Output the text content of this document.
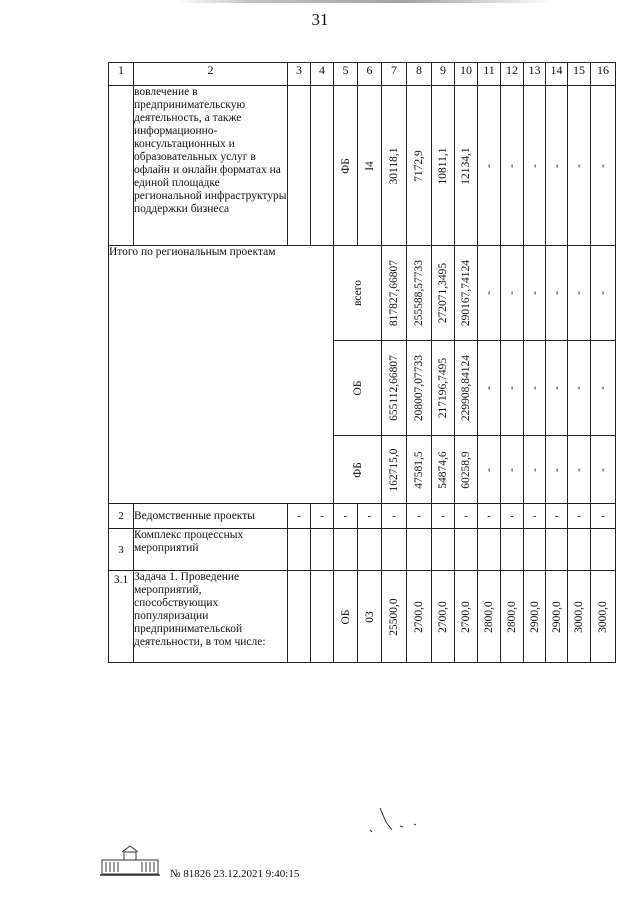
31
1	2	3	4	5	6	7	8	9	10	11	12	13	14	15	16
	вовлечение в предпринимательскую деятельность, а также информационно-консультационных и образовательных услуг в офлайн и онлайн форматах на единой площадке региональной инфраструктуры поддержки бизнеса			ФБ	I4	30118,1	7172,9	10811,1	12134,1	-	-	-	-	-	-

Итого по региональным проектам				всего		817827,66807	255588,57733	272071,3495	290167,74124	-	-	-	-	-	-

				ОБ		655112,66807	208007,07733	217196,7495	229908,84124	-	-	-	-	-	-

				ФБ		162715,0	47581,5	54874,6	60258,9	-	-	-	-	-	-

2	Ведомственные проекты	-	-	-	-	-	-	-	-	-	-	-	-	-	-
3	Комплекс процессных мероприятий														
3.1	Задача 1. Проведение мероприятий, способствующих популяризации предпринимательской деятельности, в том числе:			ОБ	03	25500,0	2700,0	2700,0	2700,0	2800,0	2800,0	2900,0	2900,0	3000,0	3000,0
№ 81826 23.12.2021 9:40:15
